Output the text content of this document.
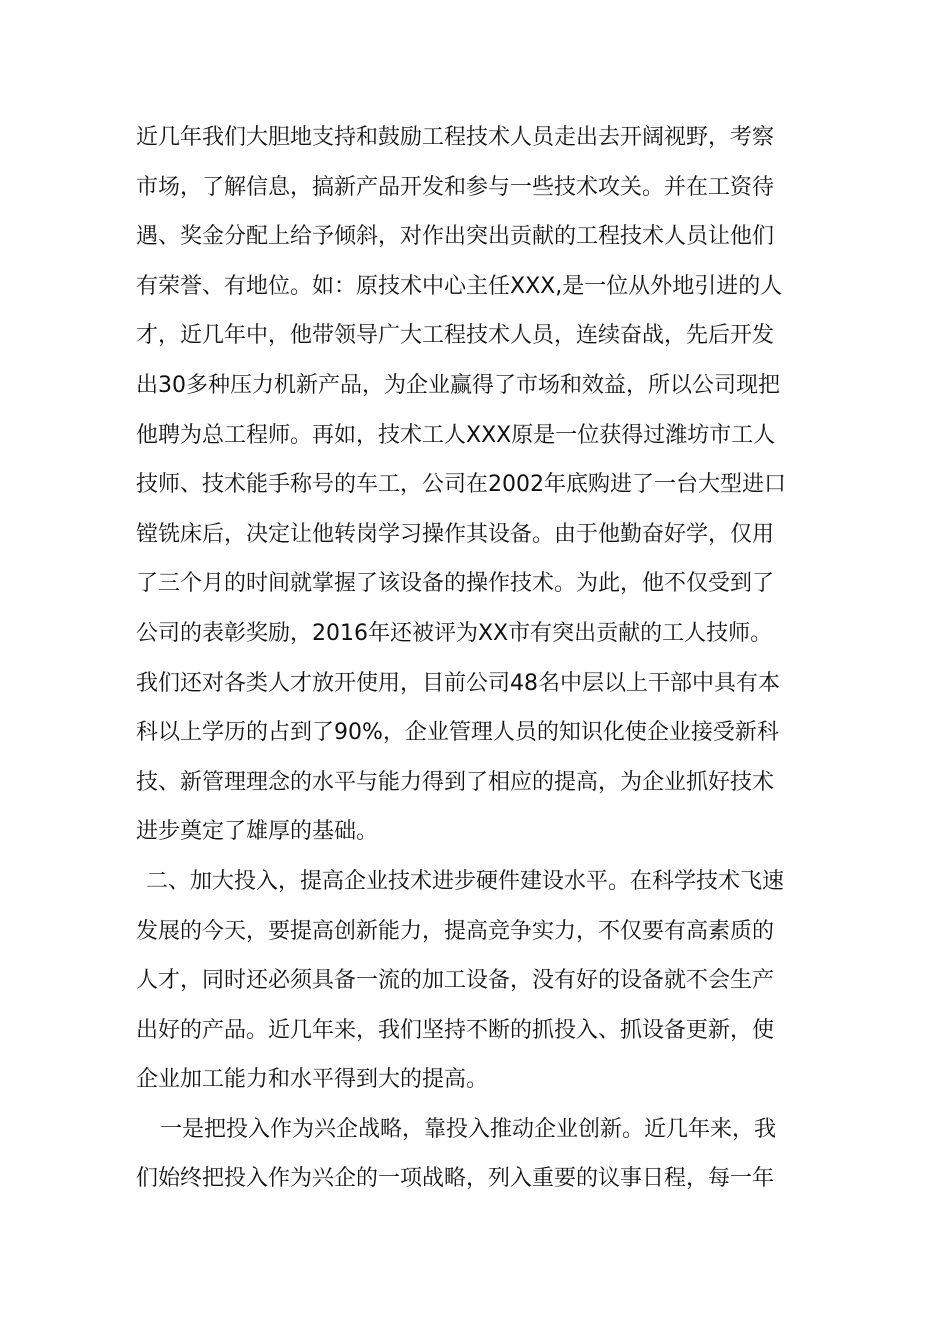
近几年我们大胆地支持和鼓励工程技术人员走出去开阔视野，考察
市场，了解信息，搞新产品开发和参与一些技术攻关。并在工资待
遇、奖金分配上给予倾斜，对作出突出贡献的工程技术人员让他们
有荣誉、有地位。如：原技术中心主任XXX,是一位从外地引进的人
才，近几年中，他带领导广大工程技术人员，连续奋战，先后开发
出30多种压力机新产品，为企业赢得了市场和效益，所以公司现把
他聘为总工程师。再如，技术工人XXX原是一位获得过潍坊市工人
技师、技术能手称号的车工，公司在2002年底购进了一台大型进口
镗铣床后，决定让他转岗学习操作其设备。由于他勤奋好学，仅用
了三个月的时间就掌握了该设备的操作技术。为此，他不仅受到了
公司的表彰奖励，2016年还被评为XX市有突出贡献的工人技师。
我们还对各类人才放开使用，目前公司48名中层以上干部中具有本
科以上学历的占到了90%，企业管理人员的知识化使企业接受新科
技、新管理理念的水平与能力得到了相应的提高，为企业抓好技术
进步奠定了雄厚的基础。
二、加大投入，提高企业技术进步硬件建设水平。在科学技术飞速
发展的今天，要提高创新能力，提高竞争实力，不仅要有高素质的
人才，同时还必须具备一流的加工设备，没有好的设备就不会生产
出好的产品。近几年来，我们坚持不断的抓投入、抓设备更新，使
企业加工能力和水平得到大的提高。
一是把投入作为兴企战略，靠投入推动企业创新。近几年来，我
们始终把投入作为兴企的一项战略，列入重要的议事日程，每一年
